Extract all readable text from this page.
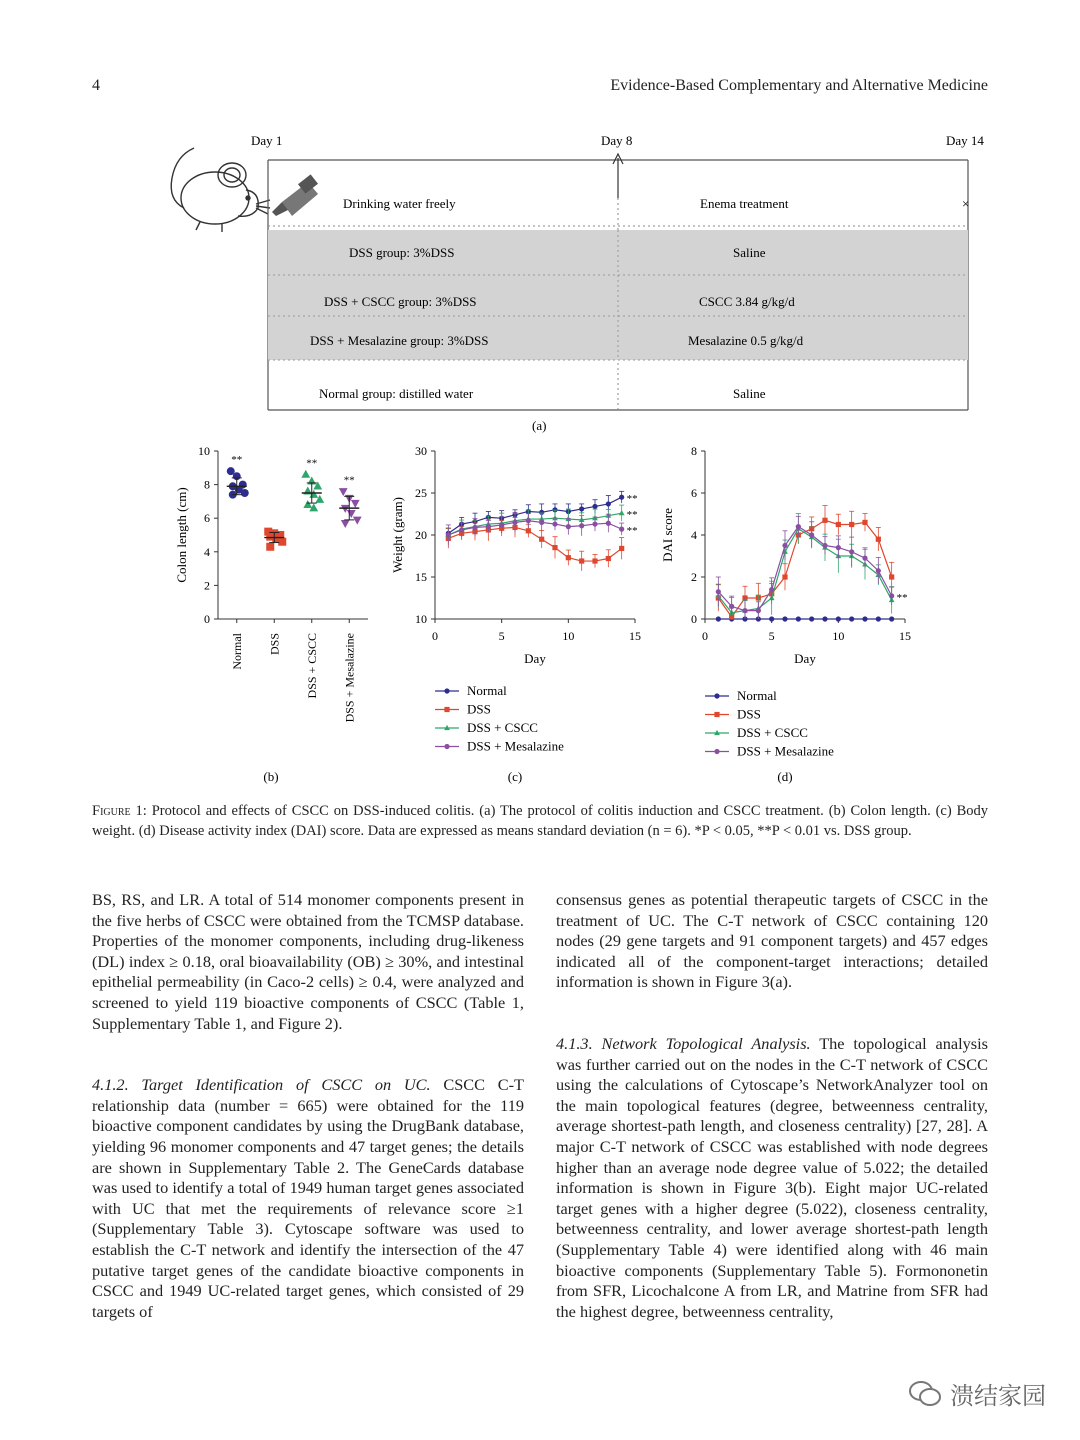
4	Evidence-Based Complementary and Alternative Medicine
Day 1	Day 8	Day 14
Drinking water freely	Enema treatment	×
DSS group: 3%DSS	Saline
DSS + CSCC group: 3%DSS	CSCC 3.84 g/kg/d
DSS + Mesalazine group: 3%DSS	Mesalazine 0.5 g/kg/d
Normal group: distilled water	Saline
(a)
0
2
4
6
8
10
Colon length (cm)
Normal
**
DSS DSS + CSCC
**
DSS + Mesalazine
**
(b)
10
15
20
25
30
0	5	10	15
Day
Weight (gram)	**
Normal
DSS
**
DSS + CSCC
**
DSS + Mesalazine
(c)
0
2
4
6
8
0	5	10	15
Day
DAI score
Normal
DSS
DSS + CSCC
**
DSS + Mesalazine
(d)
Figure 1: Protocol and effects of CSCC on DSS-induced colitis. (a) The protocol of colitis induction and CSCC treatment. (b) Colon length. (c) Body weight. (d) Disease activity index (DAI) score. Data are expressed as means standard deviation (n = 6). *P < 0.05, **P < 0.01 vs. DSS group.

BS, RS, and LR. A total of 514 monomer components present in the five herbs of CSCC were obtained from the TCMSP database. Properties of the monomer components, including drug-likeness (DL) index ≥ 0.18, oral bioavailability (OB) ≥ 30%, and intestinal epithelial permeability (in Caco-2 cells) ≥ 0.4, were analyzed and screened to yield 119 bioactive components of CSCC (Table 1, Supplementary Table 1, and Figure 2).

4.1.2. Target Identification of CSCC on UC. CSCC C-T relationship data (number = 665) were obtained for the 119 bioactive component candidates by using the DrugBank database, yielding 96 monomer components and 47 target genes; the details are shown in Supplementary Table 2. The GeneCards database was used to identify a total of 1949 human target genes associated with UC that met the requirements of relevance score ≥1 (Supplementary Table 3). Cytoscape software was used to establish the C-T network and identify the intersection of the 47 putative target genes of the candidate bioactive components in CSCC and 1949 UC-related target genes, which consisted of 29 targets of

consensus genes as potential therapeutic targets of CSCC in the treatment of UC. The C-T network of CSCC containing 120 nodes (29 gene targets and 91 component targets) and 457 edges indicated all of the component-target interactions; detailed information is shown in Figure 3(a).

4.1.3. Network Topological Analysis. The topological analysis was further carried out on the nodes in the C-T network of CSCC using the calculations of Cytoscape’s NetworkAnalyzer tool on the main topological features (degree, betweenness centrality, average shortest-path length, and closeness centrality) [27, 28]. A major C-T network of CSCC was established with node degrees higher than an average node degree value of 5.022; the detailed information is shown in Figure 3(b). Eight major UC-related target genes with a higher degree (5.022), closeness centrality, betweenness centrality, and lower average shortest-path length (Supplementary Table 4) were identified along with 46 main bioactive components (Supplementary Table 5). Formononetin from SFR, Licochalcone A from LR, and Matrine from SFR had the highest degree, betweenness centrality,

溃结家园
